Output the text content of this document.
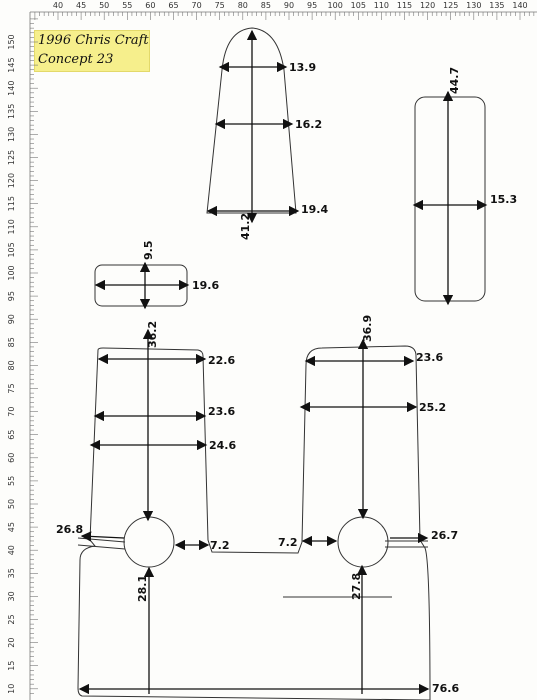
1996 Chris Craft
Concept 23
40 45 50 55 60 65 70 75 80 85 90 95 100 105 110 115 120 125 130 135 140
150
145
140
135
130
125
120
115
110
105
100
95
90
85
80
75
70
65
60
55
50
45
40
35
30
25
20
15
10
13.9
16.2
19.4
41.2
44.7
15.3
9.5
19.6
36.2
22.6
23.6
24.6
26.8
7.2
36.9
23.6
25.2
7.2
26.7
28.1	27.8
76.6
